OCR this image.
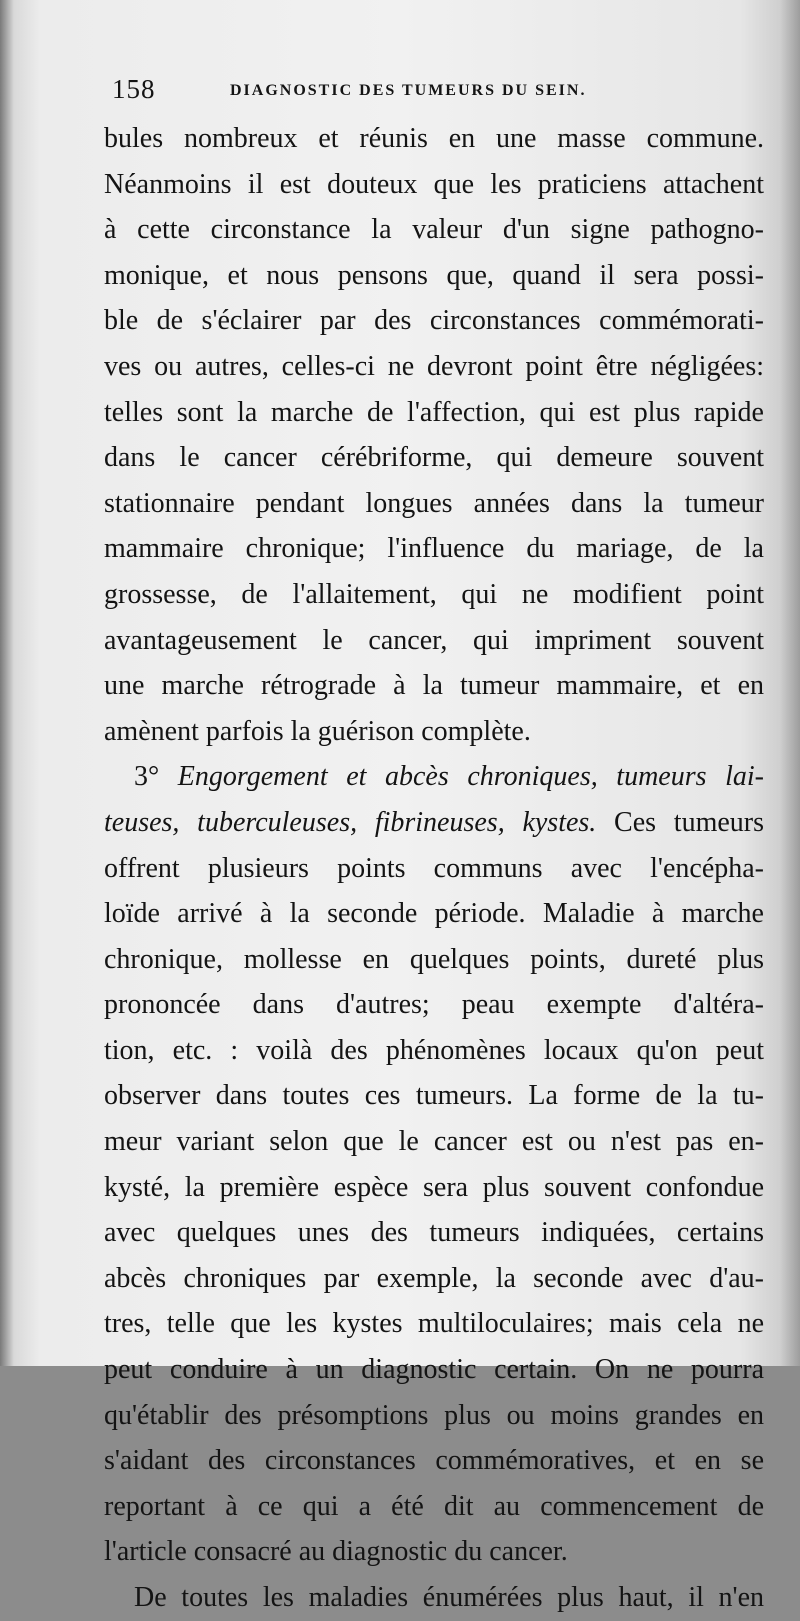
158	DIAGNOSTIC DES TUMEURS DU SEIN.
bules nombreux et réunis en une masse commune.
Néanmoins il est douteux que les praticiens attachent
à cette circonstance la valeur d'un signe pathogno-
monique, et nous pensons que, quand il sera possi-
ble de s'éclairer par des circonstances commémorati-
ves ou autres, celles-ci ne devront point être négligées:
telles sont la marche de l'affection, qui est plus rapide
dans le cancer cérébriforme, qui demeure souvent
stationnaire pendant longues années dans la tumeur
mammaire chronique; l'influence du mariage, de la
grossesse, de l'allaitement, qui ne modifient point
avantageusement le cancer, qui impriment souvent
une marche rétrograde à la tumeur mammaire, et en
amènent parfois la guérison complète.
3° Engorgement et abcès chroniques, tumeurs lai-
teuses, tuberculeuses, fibrineuses, kystes. Ces tumeurs
offrent plusieurs points communs avec l'encépha-
loïde arrivé à la seconde période. Maladie à marche
chronique, mollesse en quelques points, dureté plus
prononcée dans d'autres; peau exempte d'altéra-
tion, etc. : voilà des phénomènes locaux qu'on peut
observer dans toutes ces tumeurs. La forme de la tu-
meur variant selon que le cancer est ou n'est pas en-
kysté, la première espèce sera plus souvent confondue
avec quelques unes des tumeurs indiquées, certains
abcès chroniques par exemple, la seconde avec d'au-
tres, telle que les kystes multiloculaires; mais cela ne
peut conduire à un diagnostic certain. On ne pourra
qu'établir des présomptions plus ou moins grandes en
s'aidant des circonstances commémoratives, et en se
reportant à ce qui a été dit au commencement de
l'article consacré au diagnostic du cancer.
De toutes les maladies énumérées plus haut, il n'en
